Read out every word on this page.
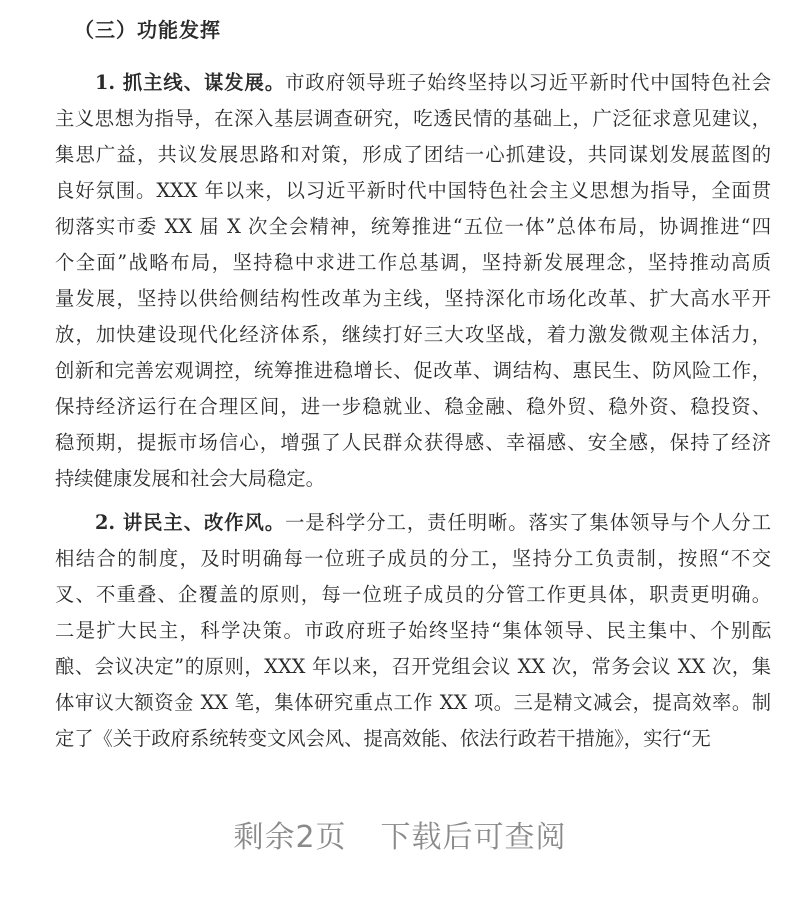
（三）功能发挥
1. 抓主线、谋发展。市政府领导班子始终坚持以习近平新时代中国特色社会
主义思想为指导，在深入基层调查研究，吃透民情的基础上，广泛征求意见建议，
集思广益，共议发展思路和对策，形成了团结一心抓建设，共同谋划发展蓝图的
良好氛围。XXX 年以来，以习近平新时代中国特色社会主义思想为指导，全面贯
彻落实市委 XX 届 X 次全会精神，统筹推进“五位一体”总体布局，协调推进“四
个全面”战略布局，坚持稳中求进工作总基调，坚持新发展理念，坚持推动高质
量发展，坚持以供给侧结构性改革为主线，坚持深化市场化改革、扩大高水平开
放，加快建设现代化经济体系，继续打好三大攻坚战，着力激发微观主体活力，
创新和完善宏观调控，统筹推进稳增长、促改革、调结构、惠民生、防风险工作，
保持经济运行在合理区间，进一步稳就业、稳金融、稳外贸、稳外资、稳投资、
稳预期，提振市场信心，增强了人民群众获得感、幸福感、安全感，保持了经济
持续健康发展和社会大局稳定。
2. 讲民主、改作风。一是科学分工，责任明晰。落实了集体领导与个人分工
相结合的制度，及时明确每一位班子成员的分工，坚持分工负责制，按照“不交
叉、不重叠、企覆盖的原则，每一位班子成员的分管工作更具体，职责更明确。
二是扩大民主，科学决策。市政府班子始终坚持“集体领导、民主集中、个别酝
酿、会议决定”的原则，XXX 年以来，召开党组会议 XX 次，常务会议 XX 次，集
体审议大额资金 XX 笔，集体研究重点工作 XX 项。三是精文减会，提高效率。制
定了《关于政府系统转变文风会风、提高效能、依法行政若干措施》，实行“无
剩余2页 下载后可查阅
